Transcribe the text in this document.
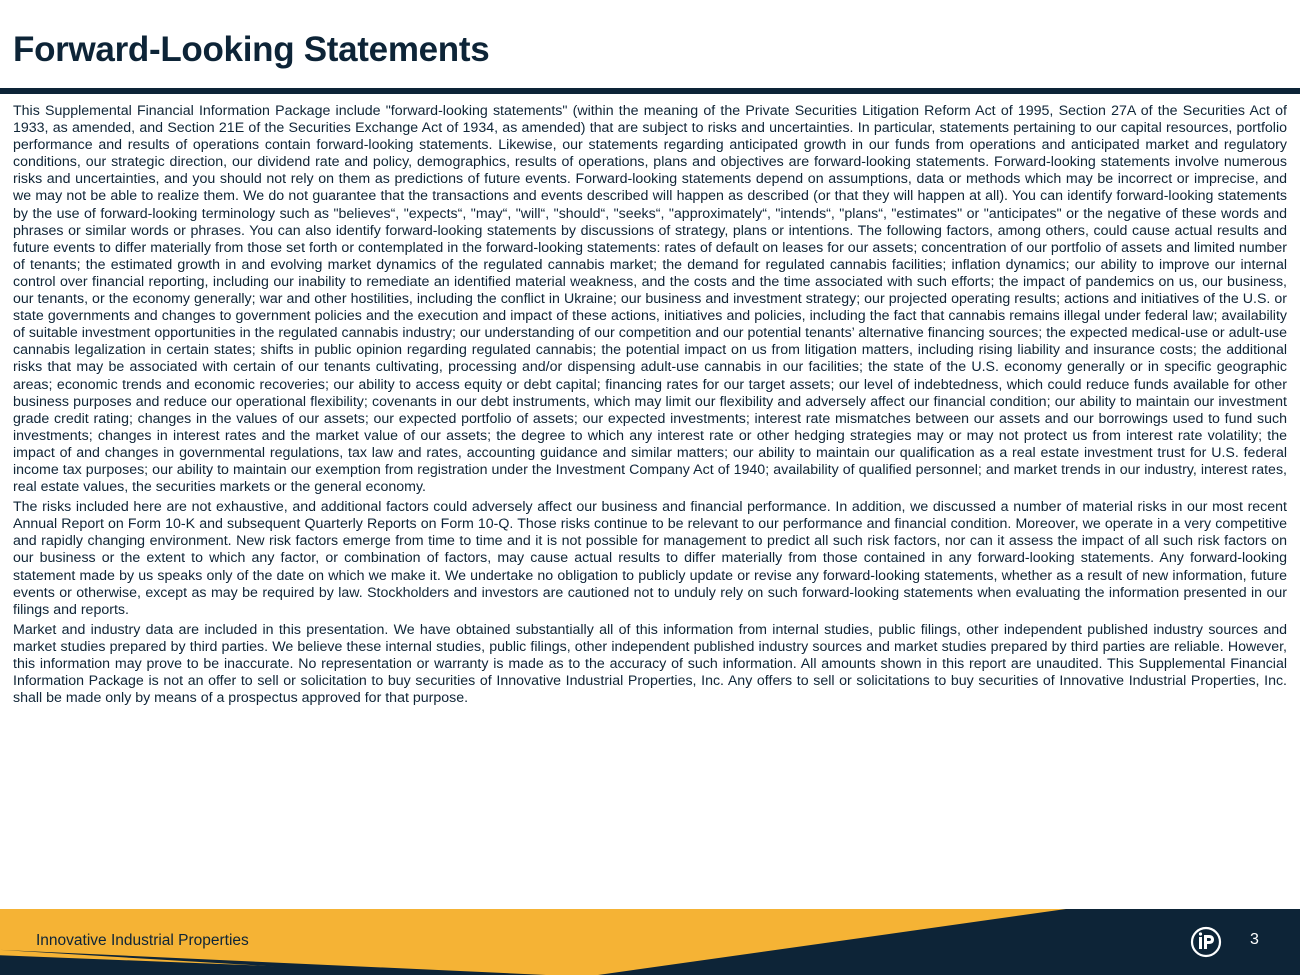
Forward-Looking Statements

This Supplemental Financial Information Package include "forward-looking statements" (within the meaning of the Private Securities Litigation Reform Act of 1995, Section 27A of the Securities Act of 1933, as amended, and Section 21E of the Securities Exchange Act of 1934, as amended) that are subject to risks and uncertainties. In particular, statements pertaining to our capital resources, portfolio performance and results of operations contain forward-looking statements. Likewise, our statements regarding anticipated growth in our funds from operations and anticipated market and regulatory conditions, our strategic direction, our dividend rate and policy, demographics, results of operations, plans and objectives are forward-looking statements. Forward-looking statements involve numerous risks and uncertainties, and you should not rely on them as predictions of future events. Forward-looking statements depend on assumptions, data or methods which may be incorrect or imprecise, and we may not be able to realize them. We do not guarantee that the transactions and events described will happen as described (or that they will happen at all). You can identify forward-looking statements by the use of forward-looking terminology such as "believes“, "expects“, "may“, "will“, "should“, "seeks“, "approximately“, "intends“, "plans“, "estimates" or "anticipates" or the negative of these words and phrases or similar words or phrases. You can also identify forward-looking statements by discussions of strategy, plans or intentions. The following factors, among others, could cause actual results and future events to differ materially from those set forth or contemplated in the forward-looking statements: rates of default on leases for our assets; concentration of our portfolio of assets and limited number of tenants; the estimated growth in and evolving market dynamics of the regulated cannabis market; the demand for regulated cannabis facilities; inflation dynamics; our ability to improve our internal control over financial reporting, including our inability to remediate an identified material weakness, and the costs and the time associated with such efforts; the impact of pandemics on us, our business, our tenants, or the economy generally; war and other hostilities, including the conflict in Ukraine; our business and investment strategy; our projected operating results; actions and initiatives of the U.S. or state governments and changes to government policies and the execution and impact of these actions, initiatives and policies, including the fact that cannabis remains illegal under federal law; availability of suitable investment opportunities in the regulated cannabis industry; our understanding of our competition and our potential tenants’ alternative financing sources; the expected medical-use or adult-use cannabis legalization in certain states; shifts in public opinion regarding regulated cannabis; the potential impact on us from litigation matters, including rising liability and insurance costs; the additional risks that may be associated with certain of our tenants cultivating, processing and/or dispensing adult-use cannabis in our facilities; the state of the U.S. economy generally or in specific geographic areas; economic trends and economic recoveries; our ability to access equity or debt capital; financing rates for our target assets; our level of indebtedness, which could reduce funds available for other business purposes and reduce our operational flexibility; covenants in our debt instruments, which may limit our flexibility and adversely affect our financial condition; our ability to maintain our investment grade credit rating; changes in the values of our assets; our expected portfolio of assets; our expected investments; interest rate mismatches between our assets and our borrowings used to fund such investments; changes in interest rates and the market value of our assets; the degree to which any interest rate or other hedging strategies may or may not protect us from interest rate volatility; the impact of and changes in governmental regulations, tax law and rates, accounting guidance and similar matters; our ability to maintain our qualification as a real estate investment trust for U.S. federal income tax purposes; our ability to maintain our exemption from registration under the Investment Company Act of 1940; availability of qualified personnel; and market trends in our industry, interest rates, real estate values, the securities markets or the general economy.

The risks included here are not exhaustive, and additional factors could adversely affect our business and financial performance. In addition, we discussed a number of material risks in our most recent Annual Report on Form 10-K and subsequent Quarterly Reports on Form 10-Q. Those risks continue to be relevant to our performance and financial condition. Moreover, we operate in a very competitive and rapidly changing environment. New risk factors emerge from time to time and it is not possible for management to predict all such risk factors, nor can it assess the impact of all such risk factors on our business or the extent to which any factor, or combination of factors, may cause actual results to differ materially from those contained in any forward-looking statements. Any forward-looking statement made by us speaks only of the date on which we make it. We undertake no obligation to publicly update or revise any forward-looking statements, whether as a result of new information, future events or otherwise, except as may be required by law. Stockholders and investors are cautioned not to unduly rely on such forward-looking statements when evaluating the information presented in our filings and reports.

Market and industry data are included in this presentation. We have obtained substantially all of this information from internal studies, public filings, other independent published industry sources and market studies prepared by third parties. We believe these internal studies, public filings, other independent published industry sources and market studies prepared by third parties are reliable. However, this information may prove to be inaccurate. No representation or warranty is made as to the accuracy of such information. All amounts shown in this report are unaudited. This Supplemental Financial Information Package is not an offer to sell or solicitation to buy securities of Innovative Industrial Properties, Inc. Any offers to sell or solicitations to buy securities of Innovative Industrial Properties, Inc. shall be made only by means of a prospectus approved for that purpose.

Innovative Industrial Properties	3
